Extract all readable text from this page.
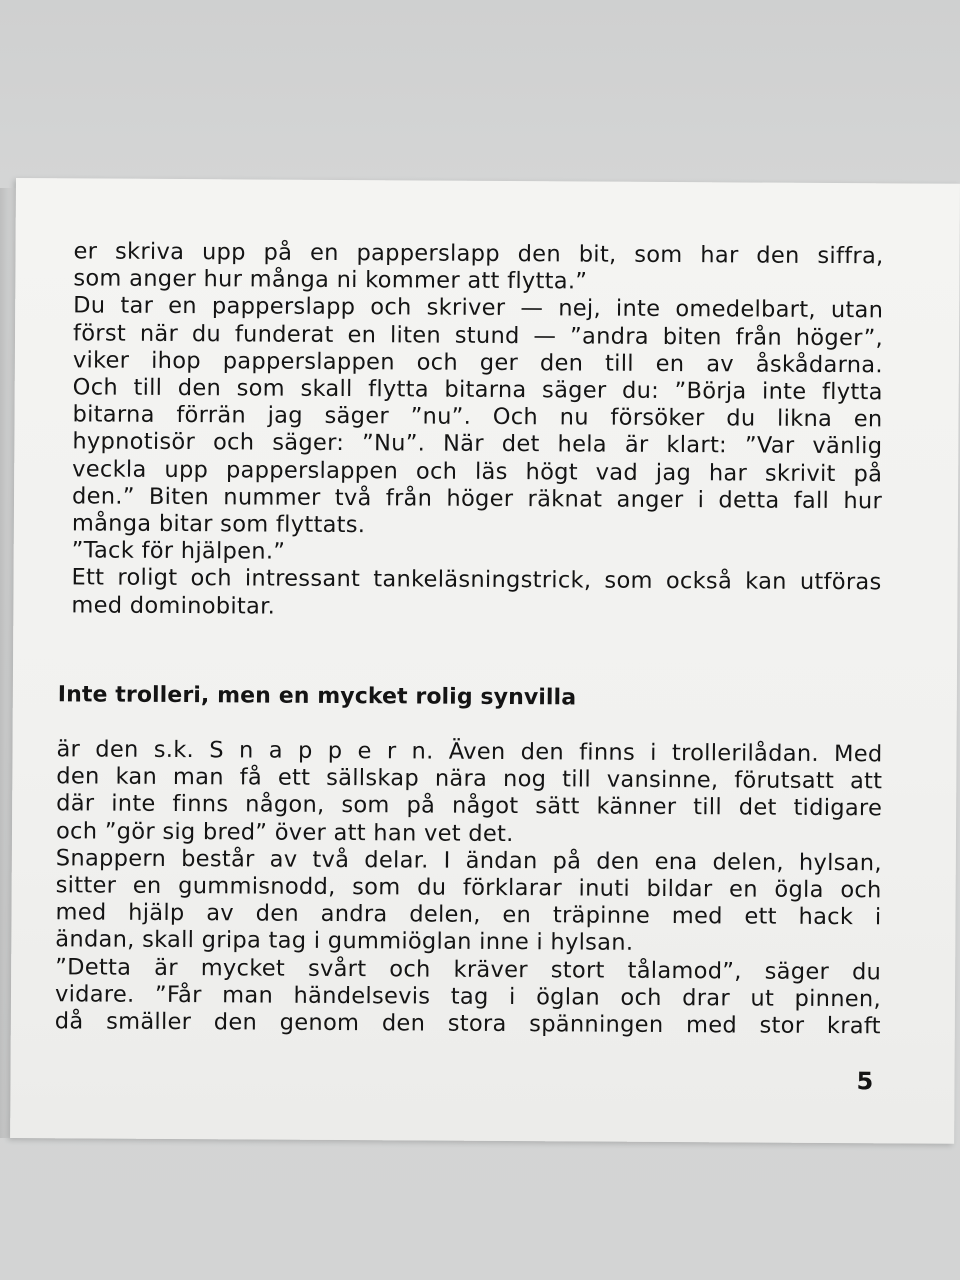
er skriva upp på en papperslapp den bit, som har den siffra,
som anger hur många ni kommer att flytta.”
Du tar en papperslapp och skriver — nej, inte omedelbart, utan
först när du funderat en liten stund — ”andra biten från höger”,
viker ihop papperslappen och ger den till en av åskådarna.
Och till den som skall flytta bitarna säger du: ”Börja inte flytta
bitarna förrän jag säger ”nu”. Och nu försöker du likna en
hypnotisör och säger: ”Nu”. När det hela är klart: ”Var vänlig
veckla upp papperslappen och läs högt vad jag har skrivit på
den.” Biten nummer två från höger räknat anger i detta fall hur
många bitar som flyttats.
”Tack för hjälpen.”
Ett roligt och intressant tankeläsningstrick, som också kan utföras
med dominobitar.
Inte trolleri, men en mycket rolig synvilla
är den s.k. S n a p p e r n. Även den finns i trollerilådan. Med
den kan man få ett sällskap nära nog till vansinne, förutsatt att
där inte finns någon, som på något sätt känner till det tidigare
och ”gör sig bred” över att han vet det.
Snappern består av två delar. I ändan på den ena delen, hylsan,
sitter en gummisnodd, som du förklarar inuti bildar en ögla och
med hjälp av den andra delen, en träpinne med ett hack i
ändan, skall gripa tag i gummiöglan inne i hylsan.
”Detta är mycket svårt och kräver stort tålamod”, säger du
vidare. ”Får man händelsevis tag i öglan och drar ut pinnen,
då smäller den genom den stora spänningen med stor kraft
5
